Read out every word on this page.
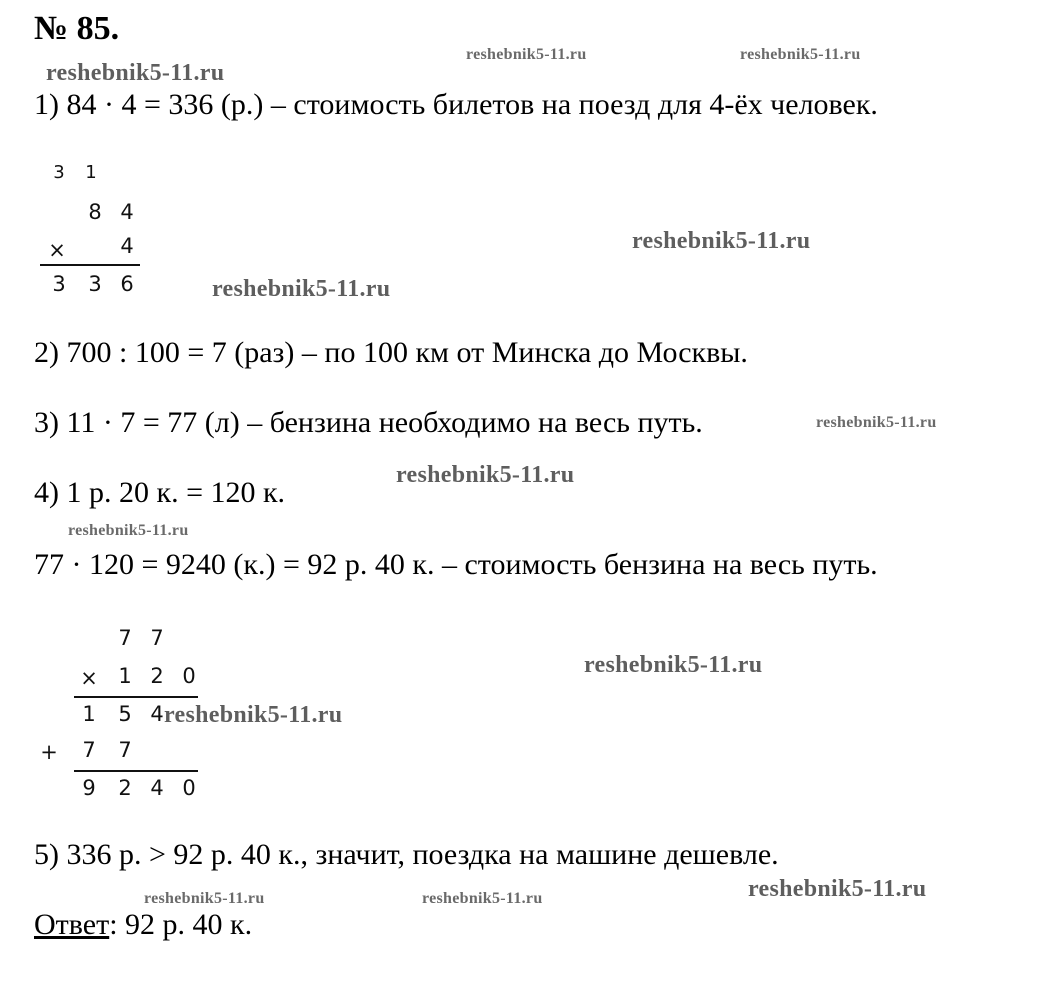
№ 85.
reshebnik5-11.ru
reshebnik5-11.ru	reshebnik5-11.ru
reshebnik5-11.ru
reshebnik5-11.ru
reshebnik5-11.ru
reshebnik5-11.ru
reshebnik5-11.ru
reshebnik5-11.ru
reshebnik5-11.ru
reshebnik5-11.ru	reshebnik5-11.ru	reshebnik5-11.ru
1) 84 · 4 = 336 (р.) – стоимость билетов на поезд для 4-ёх человек.
3 1
8 4
×	4
3 3 6
2) 700 : 100 = 7 (раз) – по 100 км от Минска до Москвы.
3) 11 · 7 = 77 (л) – бензина необходимо на весь путь.
4) 1 р. 20 к. = 120 к.
77 · 120 = 9240 (к.) = 92 р. 40 к. – стоимость бензина на весь путь.
7 7
× 1 2 0
1 5 4
+ 7 7
9 2 4 0
5) 336 р. > 92 р. 40 к., значит, поездка на машине дешевле.
Ответ: 92 р. 40 к.
